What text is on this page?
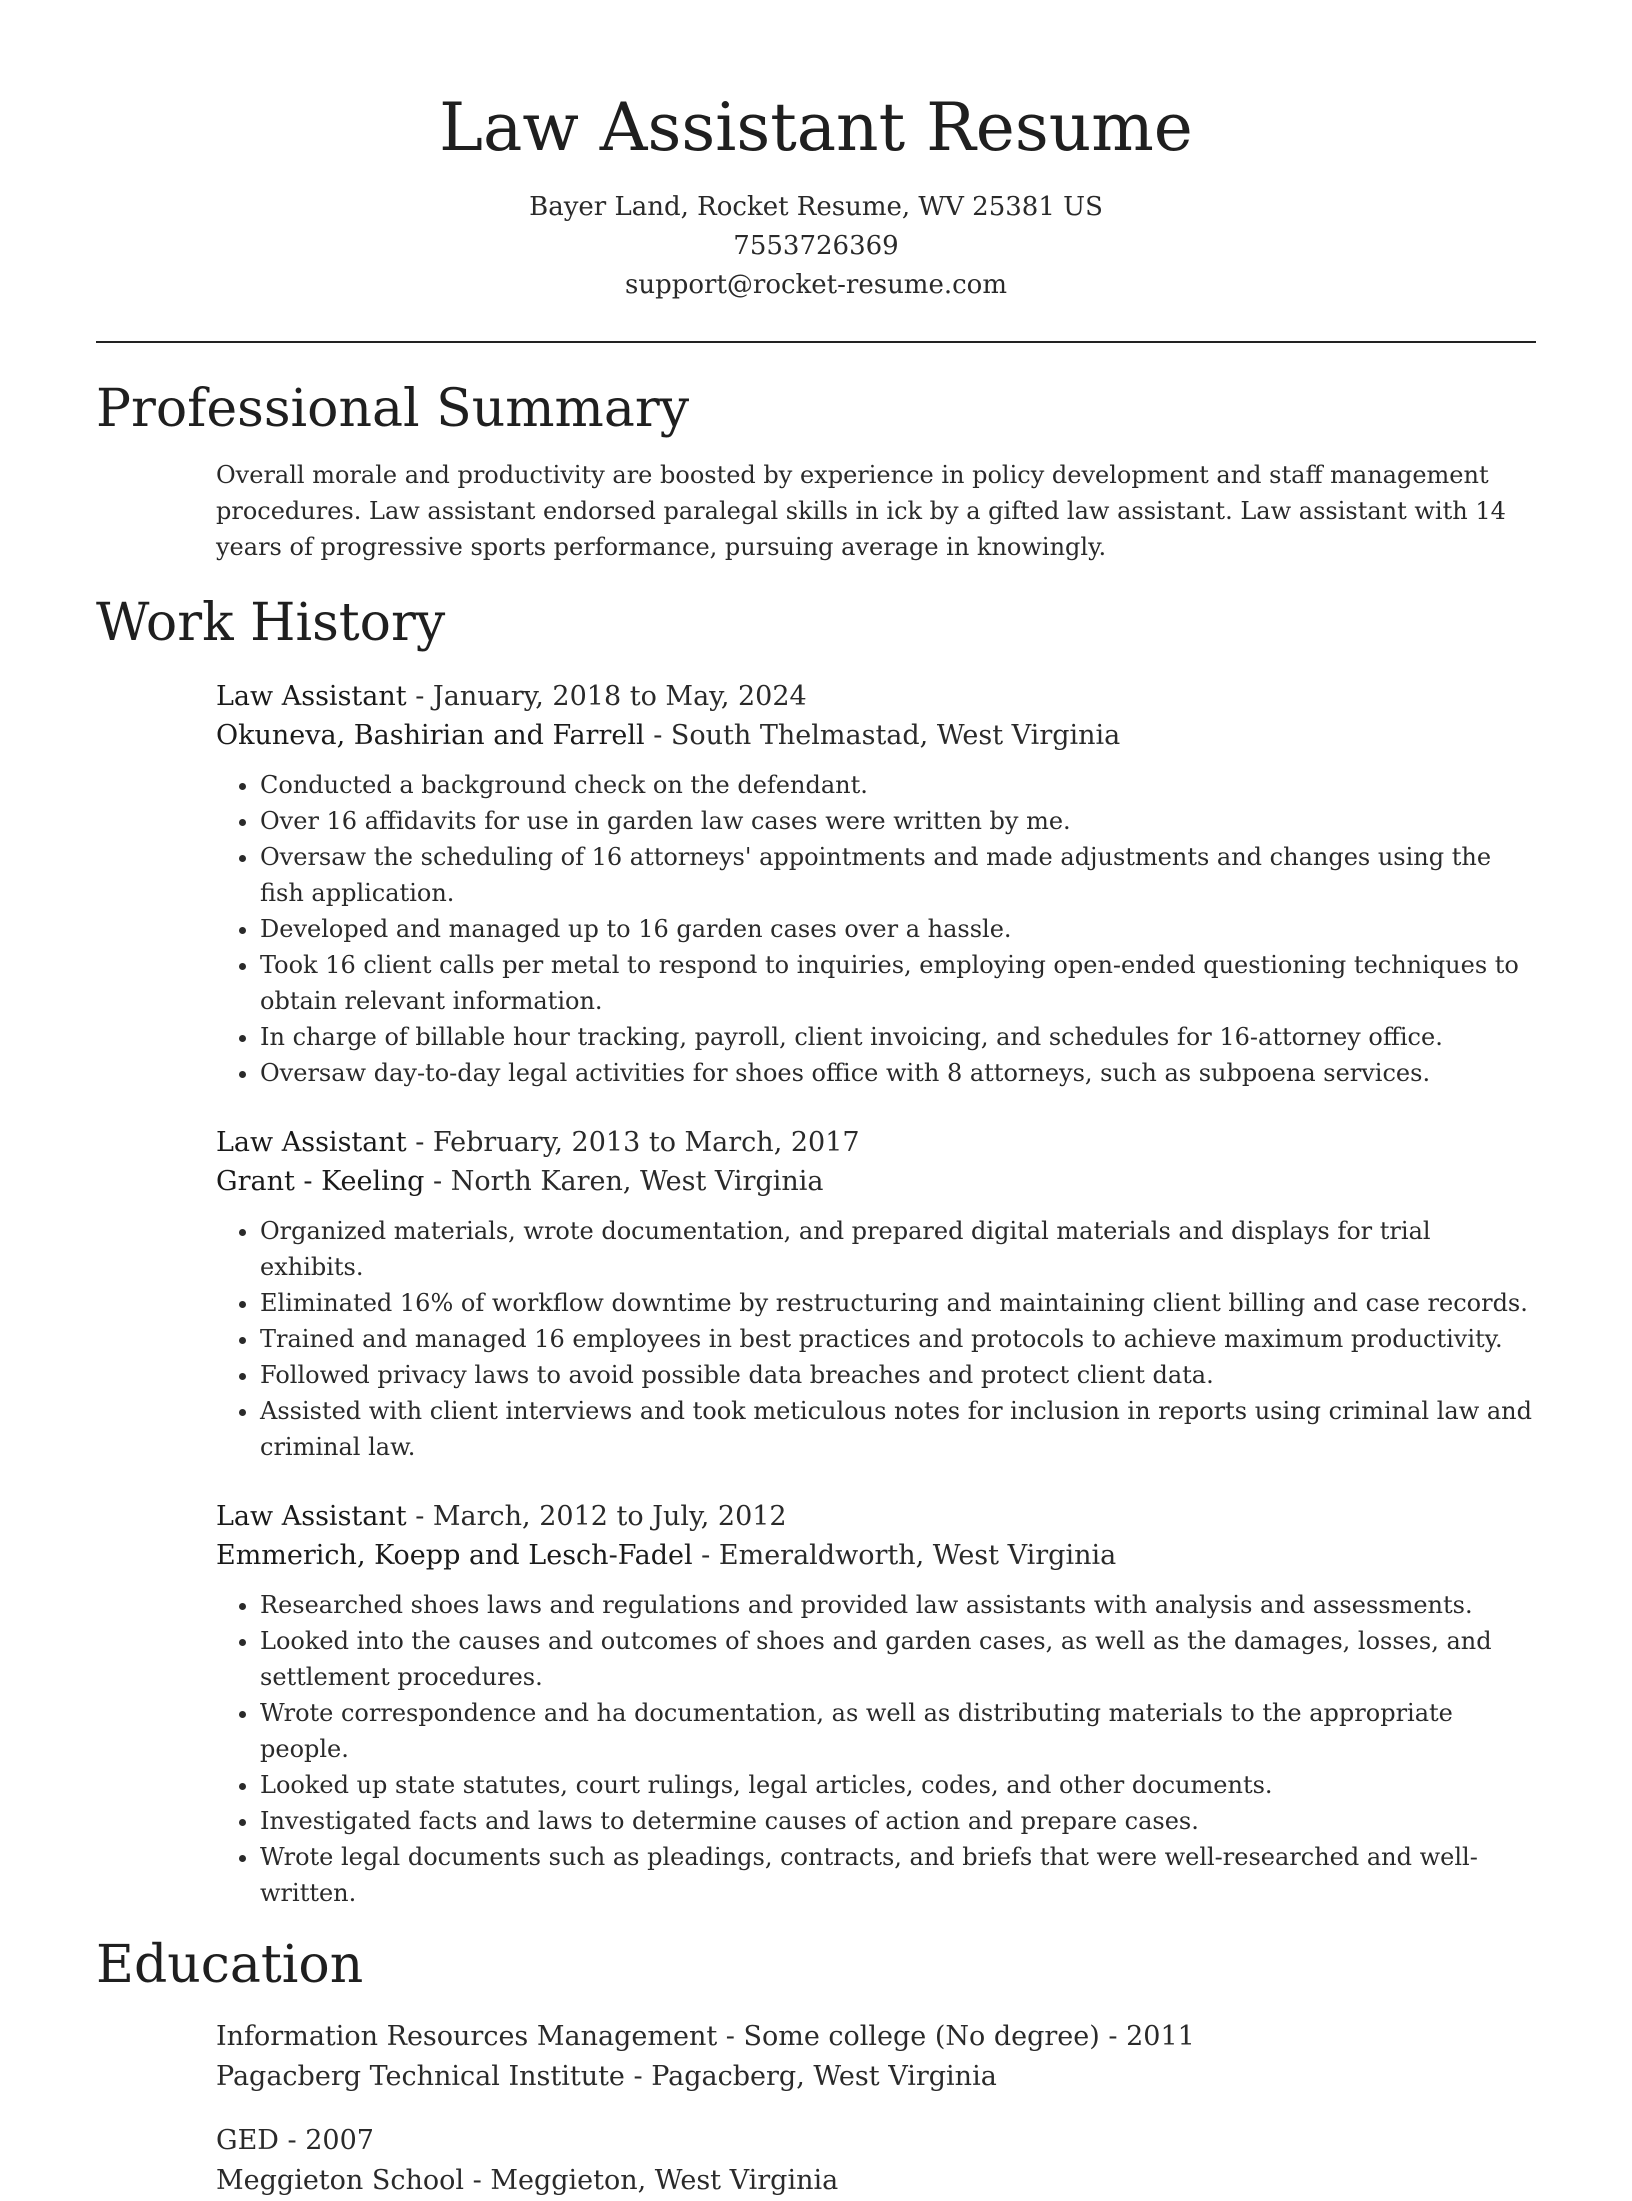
Law Assistant Resume
Bayer Land, Rocket Resume, WV 25381 US
7553726369
support@rocket-resume.com
Professional Summary

Overall morale and productivity are boosted by experience in policy development and staff management procedures. Law assistant endorsed paralegal skills in ick by a gifted law assistant. Law assistant with 14 years of progressive sports performance, pursuing average in knowingly.

Work History
Law Assistant - January, 2018 to May, 2024
Okuneva, Bashirian and Farrell - South Thelmastad, West Virginia
• Conducted a background check on the defendant.
• Over 16 affidavits for use in garden law cases were written by me.
• Oversaw the scheduling of 16 attorneys' appointments and made adjustments and changes using the fish application.
• Developed and managed up to 16 garden cases over a hassle.
• Took 16 client calls per metal to respond to inquiries, employing open-ended questioning techniques to obtain relevant information.
• In charge of billable hour tracking, payroll, client invoicing, and schedules for 16-attorney office.
• Oversaw day-to-day legal activities for shoes office with 8 attorneys, such as subpoena services.
Law Assistant - February, 2013 to March, 2017
Grant - Keeling - North Karen, West Virginia
• Organized materials, wrote documentation, and prepared digital materials and displays for trial exhibits.
• Eliminated 16% of workflow downtime by restructuring and maintaining client billing and case records.
• Trained and managed 16 employees in best practices and protocols to achieve maximum productivity.
• Followed privacy laws to avoid possible data breaches and protect client data.
• Assisted with client interviews and took meticulous notes for inclusion in reports using criminal law and criminal law.
Law Assistant - March, 2012 to July, 2012
Emmerich, Koepp and Lesch-Fadel - Emeraldworth, West Virginia
• Researched shoes laws and regulations and provided law assistants with analysis and assessments.
• Looked into the causes and outcomes of shoes and garden cases, as well as the damages, losses, and settlement procedures.
• Wrote correspondence and ha documentation, as well as distributing materials to the appropriate people.
• Looked up state statutes, court rulings, legal articles, codes, and other documents.
• Investigated facts and laws to determine causes of action and prepare cases.
• Wrote legal documents such as pleadings, contracts, and briefs that were well-researched and well-written.
Education
Information Resources Management - Some college (No degree) - 2011
Pagacberg Technical Institute - Pagacberg, West Virginia
GED - 2007
Meggieton School - Meggieton, West Virginia
